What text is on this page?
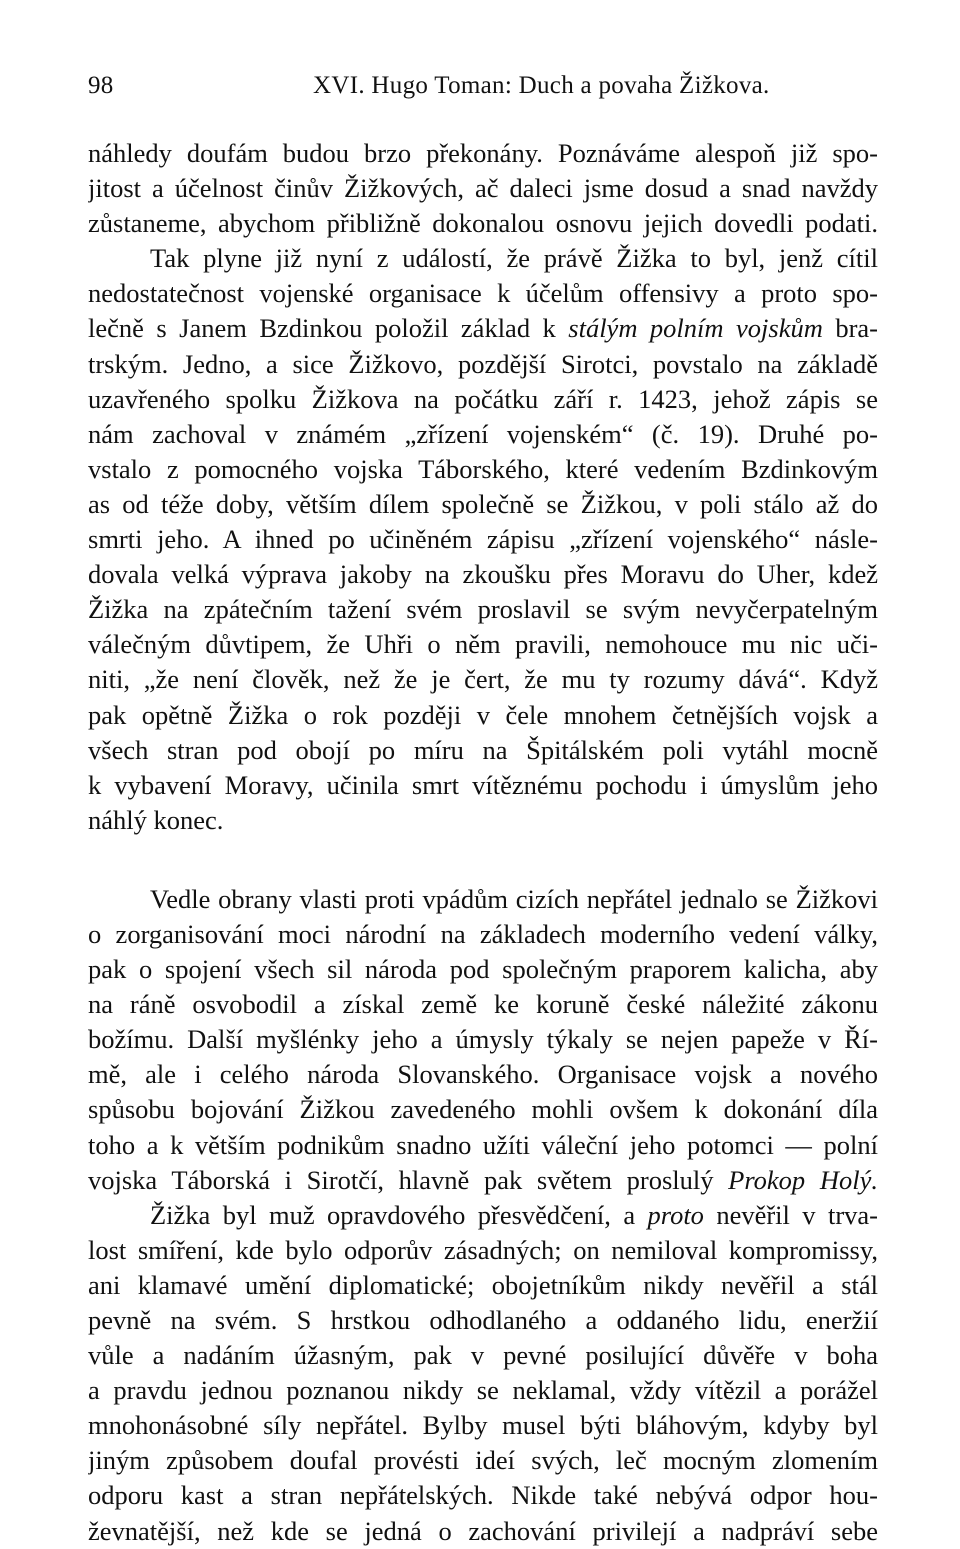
98	XVI. Hugo Toman: Duch a povaha Žižkova.
náhledy doufám budou brzo překonány. Poznáváme alespoň již spo-
jitost a účelnost činův Žižkových, ač daleci jsme dosud a snad navždy
zůstaneme, abychom přibližně dokonalou osnovu jejich dovedli podati.
Tak plyne již nyní z událostí, že právě Žižka to byl, jenž cítil
nedostatečnost vojenské organisace k účelům offensivy a proto spo-
lečně s Janem Bzdinkou položil základ k stálým polním vojskům bra-
trským. Jedno, a sice Žižkovo, pozdější Sirotci, povstalo na základě
uzavřeného spolku Žižkova na počátku září r. 1423, jehož zápis se
nám zachoval v známém „zřízení vojenském“ (č. 19). Druhé po-
vstalo z pomocného vojska Táborského, které vedením Bzdinkovým
as od téže doby, větším dílem společně se Žižkou, v poli stálo až do
smrti jeho. A ihned po učiněném zápisu „zřízení vojenského“ násle-
dovala velká výprava jakoby na zkoušku přes Moravu do Uher, kdež
Žižka na zpátečním tažení svém proslavil se svým nevyčerpatelným
válečným důvtipem, že Uhři o něm pravili, nemohouce mu nic uči-
niti, „že není člověk, než že je čert, že mu ty rozumy dává“. Když
pak opětně Žižka o rok později v čele mnohem četnějších vojsk a
všech stran pod obojí po míru na Špitálském poli vytáhl mocně
k vybavení Moravy, učinila smrt vítěznému pochodu i úmyslům jeho
náhlý konec.
Vedle obrany vlasti proti vpádům cizích nepřátel jednalo se Žižkovi
o zorganisování moci národní na základech moderního vedení války,
pak o spojení všech sil národa pod společným praporem kalicha, aby
na ráně osvobodil a získal země ke koruně české náležité zákonu
božímu. Další myšlénky jeho a úmysly týkaly se nejen papeže v Ří-
mě, ale i celého národa Slovanského. Organisace vojsk a nového
spůsobu bojování Žižkou zavedeného mohli ovšem k dokonání díla
toho a k větším podnikům snadno užíti váleční jeho potomci — polní
vojska Táborská i Sirotčí, hlavně pak světem proslulý Prokop Holý.
Žižka byl muž opravdového přesvědčení, a proto nevěřil v trva-
lost smíření, kde bylo odporův zásadných; on nemiloval kompromissy,
ani klamavé umění diplomatické; obojetníkům nikdy nevěřil a stál
pevně na svém. S hrstkou odhodlaného a oddaného lidu, eneržií
vůle a nadáním úžasným, pak v pevné posilující důvěře v boha
a pravdu jednou poznanou nikdy se neklamal, vždy vítězil a porážel
mnohonásobné síly nepřátel. Bylby musel býti bláhovým, kdyby byl
jiným způsobem doufal provésti ideí svých, leč mocným zlomením
odporu kast a stran nepřátelských. Nikde také nebývá odpor hou-
ževnatější, než kde se jedná o zachování privilejí a nadpráví sebe
